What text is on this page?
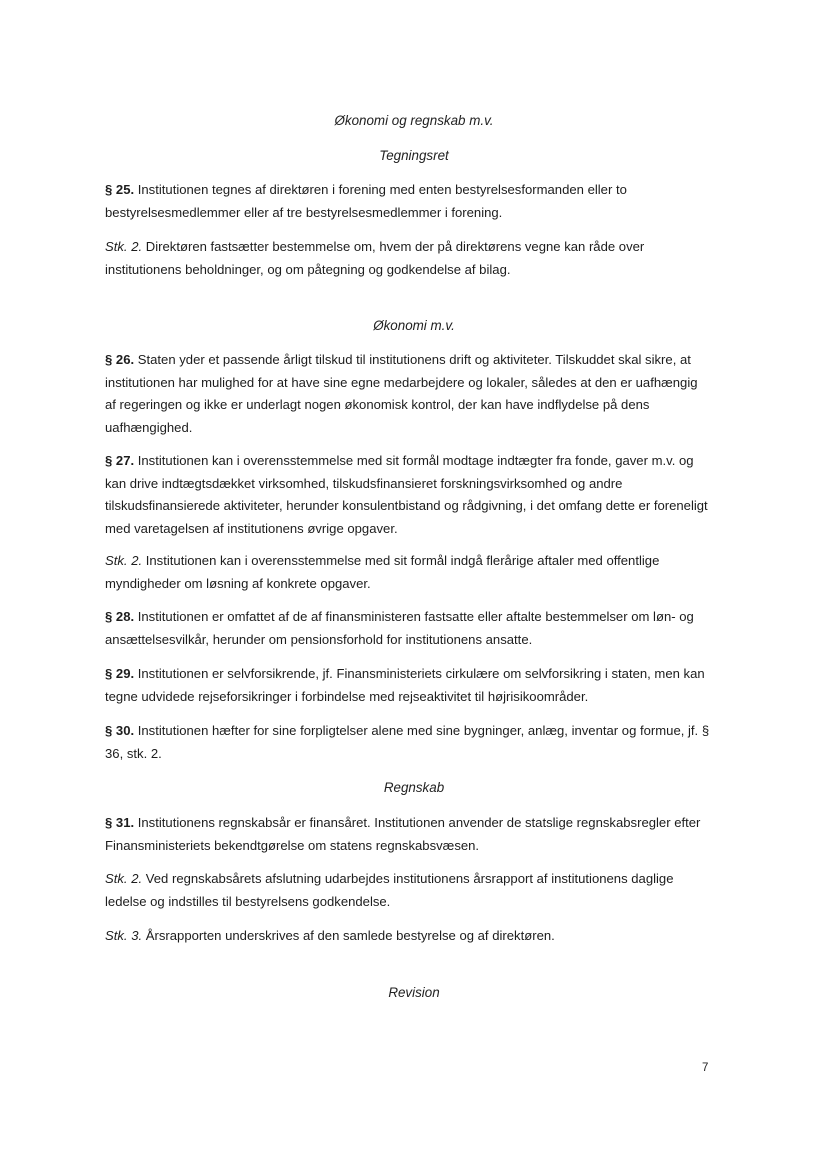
Økonomi og regnskab m.v.
Tegningsret
§ 25. Institutionen tegnes af direktøren i forening med enten bestyrelsesformanden eller to bestyrelsesmedlemmer eller af tre bestyrelsesmedlemmer i forening.
Stk. 2. Direktøren fastsætter bestemmelse om, hvem der på direktørens vegne kan råde over institutionens beholdninger, og om påtegning og godkendelse af bilag.
Økonomi m.v.
§ 26. Staten yder et passende årligt tilskud til institutionens drift og aktiviteter. Tilskuddet skal sikre, at institutionen har mulighed for at have sine egne medarbejdere og lokaler, således at den er uafhængig af regeringen og ikke er underlagt nogen økonomisk kontrol, der kan have indflydelse på dens uafhængighed.
§ 27. Institutionen kan i overensstemmelse med sit formål modtage indtægter fra fonde, gaver m.v. og kan drive indtægtsdækket virksomhed, tilskudsfinansieret forskningsvirksomhed og andre tilskudsfinansierede aktiviteter, herunder konsulentbistand og rådgivning, i det omfang dette er foreneligt med varetagelsen af institutionens øvrige opgaver.
Stk. 2. Institutionen kan i overensstemmelse med sit formål indgå flerårige aftaler med offentlige myndigheder om løsning af konkrete opgaver.
§ 28. Institutionen er omfattet af de af finansministeren fastsatte eller aftalte bestemmelser om løn- og ansættelsesvilkår, herunder om pensionsforhold for institutionens ansatte.
§ 29. Institutionen er selvforsikrende, jf. Finansministeriets cirkulære om selvforsikring i staten, men kan tegne udvidede rejseforsikringer i forbindelse med rejseaktivitet til højrisikoområder.
§ 30. Institutionen hæfter for sine forpligtelser alene med sine bygninger, anlæg, inventar og formue, jf. § 36, stk. 2.
Regnskab
§ 31. Institutionens regnskabsår er finansåret. Institutionen anvender de statslige regnskabsregler efter Finansministeriets bekendtgørelse om statens regnskabsvæsen.
Stk. 2. Ved regnskabsårets afslutning udarbejdes institutionens årsrapport af institutionens daglige ledelse og indstilles til bestyrelsens godkendelse.
Stk. 3. Årsrapporten underskrives af den samlede bestyrelse og af direktøren.
Revision
7
